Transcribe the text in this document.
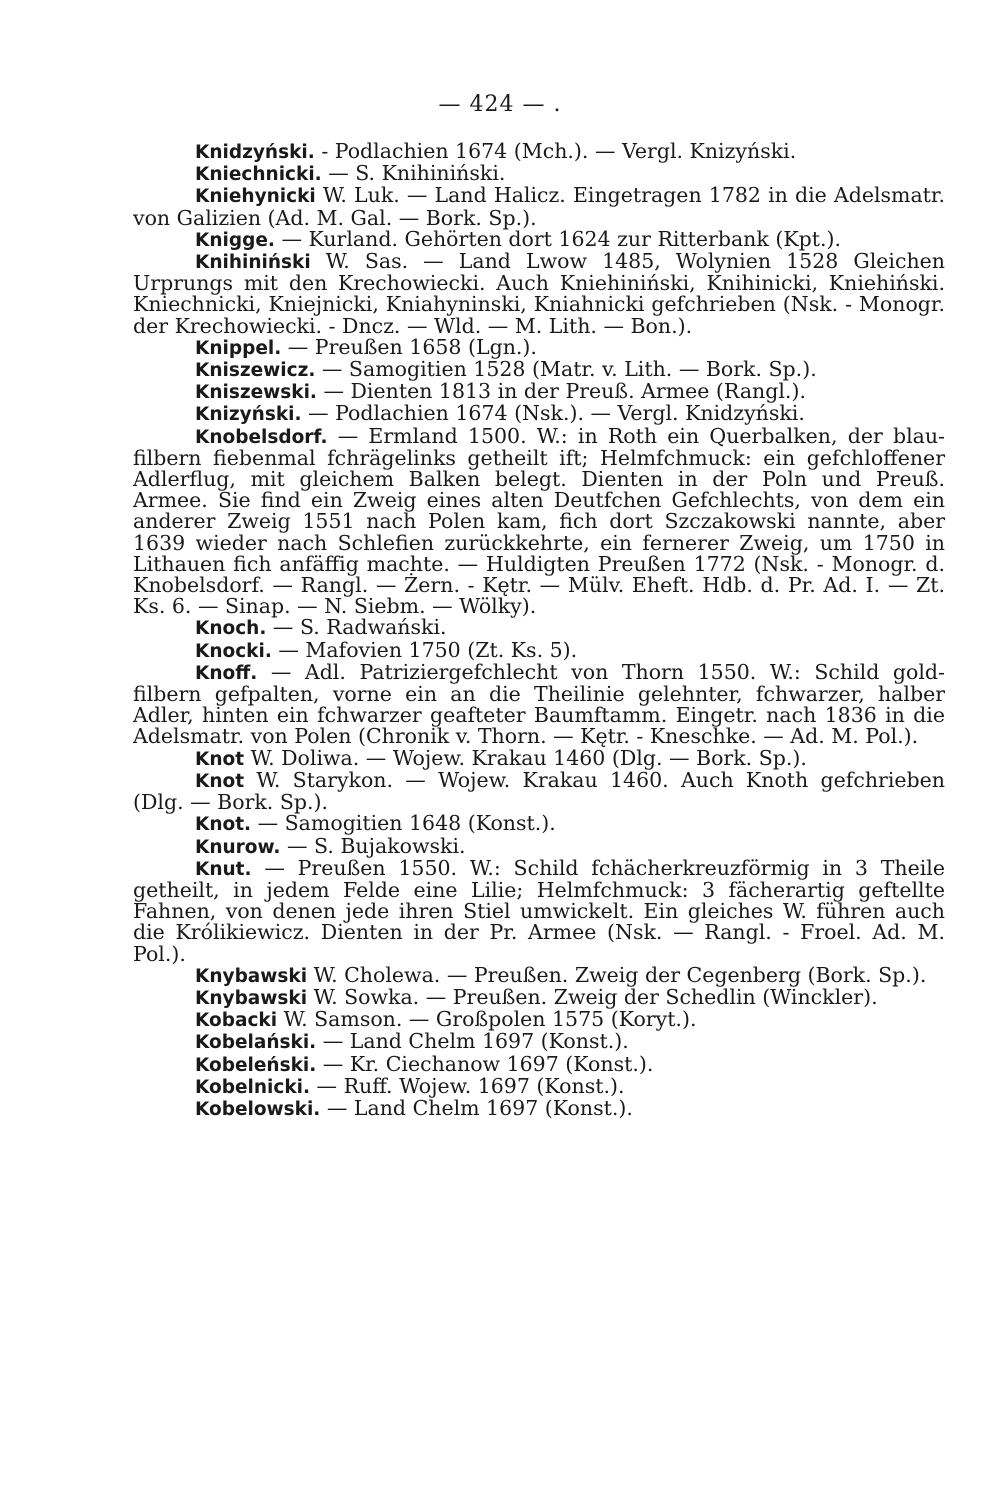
— 424 — .

Knidzyński. - Podlachien 1674 (Mch.). — Vergl. Knizyński.

Kniechnicki. — S. Knihiniński.

Kniehynicki W. Luk. — Land Halicz. Eingetragen 1782 in die Adelsmatr. von Galizien (Ad. M. Gal. — Bork. Sp.).

Knigge. — Kurland. Gehörten dort 1624 zur Ritterbank (Kpt.).

Knihiniński W. Sas. — Land Lwow 1485, Wolynien 1528 Gleichen Urprungs mit den Krechowiecki. Auch Kniehiniński, Knihinicki, Kniehiński. Kniechnicki, Kniejnicki, Kniahyninski, Kniahnicki gefchrieben (Nsk. - Monogr. der Krechowiecki. - Dncz. — Wld. — M. Lith. — Bon.).

Knippel. — Preußen 1658 (Lgn.).

Kniszewicz. — Samogitien 1528 (Matr. v. Lith. — Bork. Sp.).

Kniszewski. — Dienten 1813 in der Preuß. Armee (Rangl.).

Knizyński. — Podlachien 1674 (Nsk.). — Vergl. Knidzyński.

Knobelsdorf. — Ermland 1500. W.: in Roth ein Querbalken, der blau-filbern fiebenmal fchrägelinks getheilt ift; Helmfchmuck: ein gefchloffener Adlerflug, mit gleichem Balken belegt. Dienten in der Poln und Preuß. Armee. Sie find ein Zweig eines alten Deutfchen Gefchlechts, von dem ein anderer Zweig 1551 nach Polen kam, fich dort Szczakowski nannte, aber 1639 wieder nach Schlefien zurückkehrte, ein fernerer Zweig, um 1750 in Lithauen fich anfäffig machte. — Huldigten Preußen 1772 (Nsk. - Monogr. d. Knobelsdorf. — Rangl. — Żern. - Kętr. — Mülv. Eheft. Hdb. d. Pr. Ad. I. — Zt. Ks. 6. — Sinap. — N. Siebm. — Wölky).

Knoch. — S. Radwański.

Knocki. — Mafovien 1750 (Zt. Ks. 5).

Knoff. — Adl. Patriziergefchlecht von Thorn 1550. W.: Schild gold-filbern gefpalten, vorne ein an die Theilinie gelehnter, fchwarzer, halber Adler, hinten ein fchwarzer geafteter Baumftamm. Eingetr. nach 1836 in die Adelsmatr. von Polen (Chronik v. Thorn. — Kętr. - Kneschke. — Ad. M. Pol.).

Knot W. Doliwa. — Wojew. Krakau 1460 (Dlg. — Bork. Sp.).

Knot W. Starykon. — Wojew. Krakau 1460. Auch Knoth gefchrieben (Dlg. — Bork. Sp.).

Knot. — Samogitien 1648 (Konst.).

Knurow. — S. Bujakowski.

Knut. — Preußen 1550. W.: Schild fchächerkreuzförmig in 3 Theile getheilt, in jedem Felde eine Lilie; Helmfchmuck: 3 fächerartig geftellte Fahnen, von denen jede ihren Stiel umwickelt. Ein gleiches W. führen auch die Królikiewicz. Dienten in der Pr. Armee (Nsk. — Rangl. - Froel. Ad. M. Pol.).

Knybawski W. Cholewa. — Preußen. Zweig der Cegenberg (Bork. Sp.).

Knybawski W. Sowka. — Preußen. Zweig der Schedlin (Winckler).

Kobacki W. Samson. — Großpolen 1575 (Koryt.).

Kobelański. — Land Chelm 1697 (Konst.).

Kobeleński. — Kr. Ciechanow 1697 (Konst.).

Kobelnicki. — Ruff. Wojew. 1697 (Konst.).

Kobelowski. — Land Chelm 1697 (Konst.).
